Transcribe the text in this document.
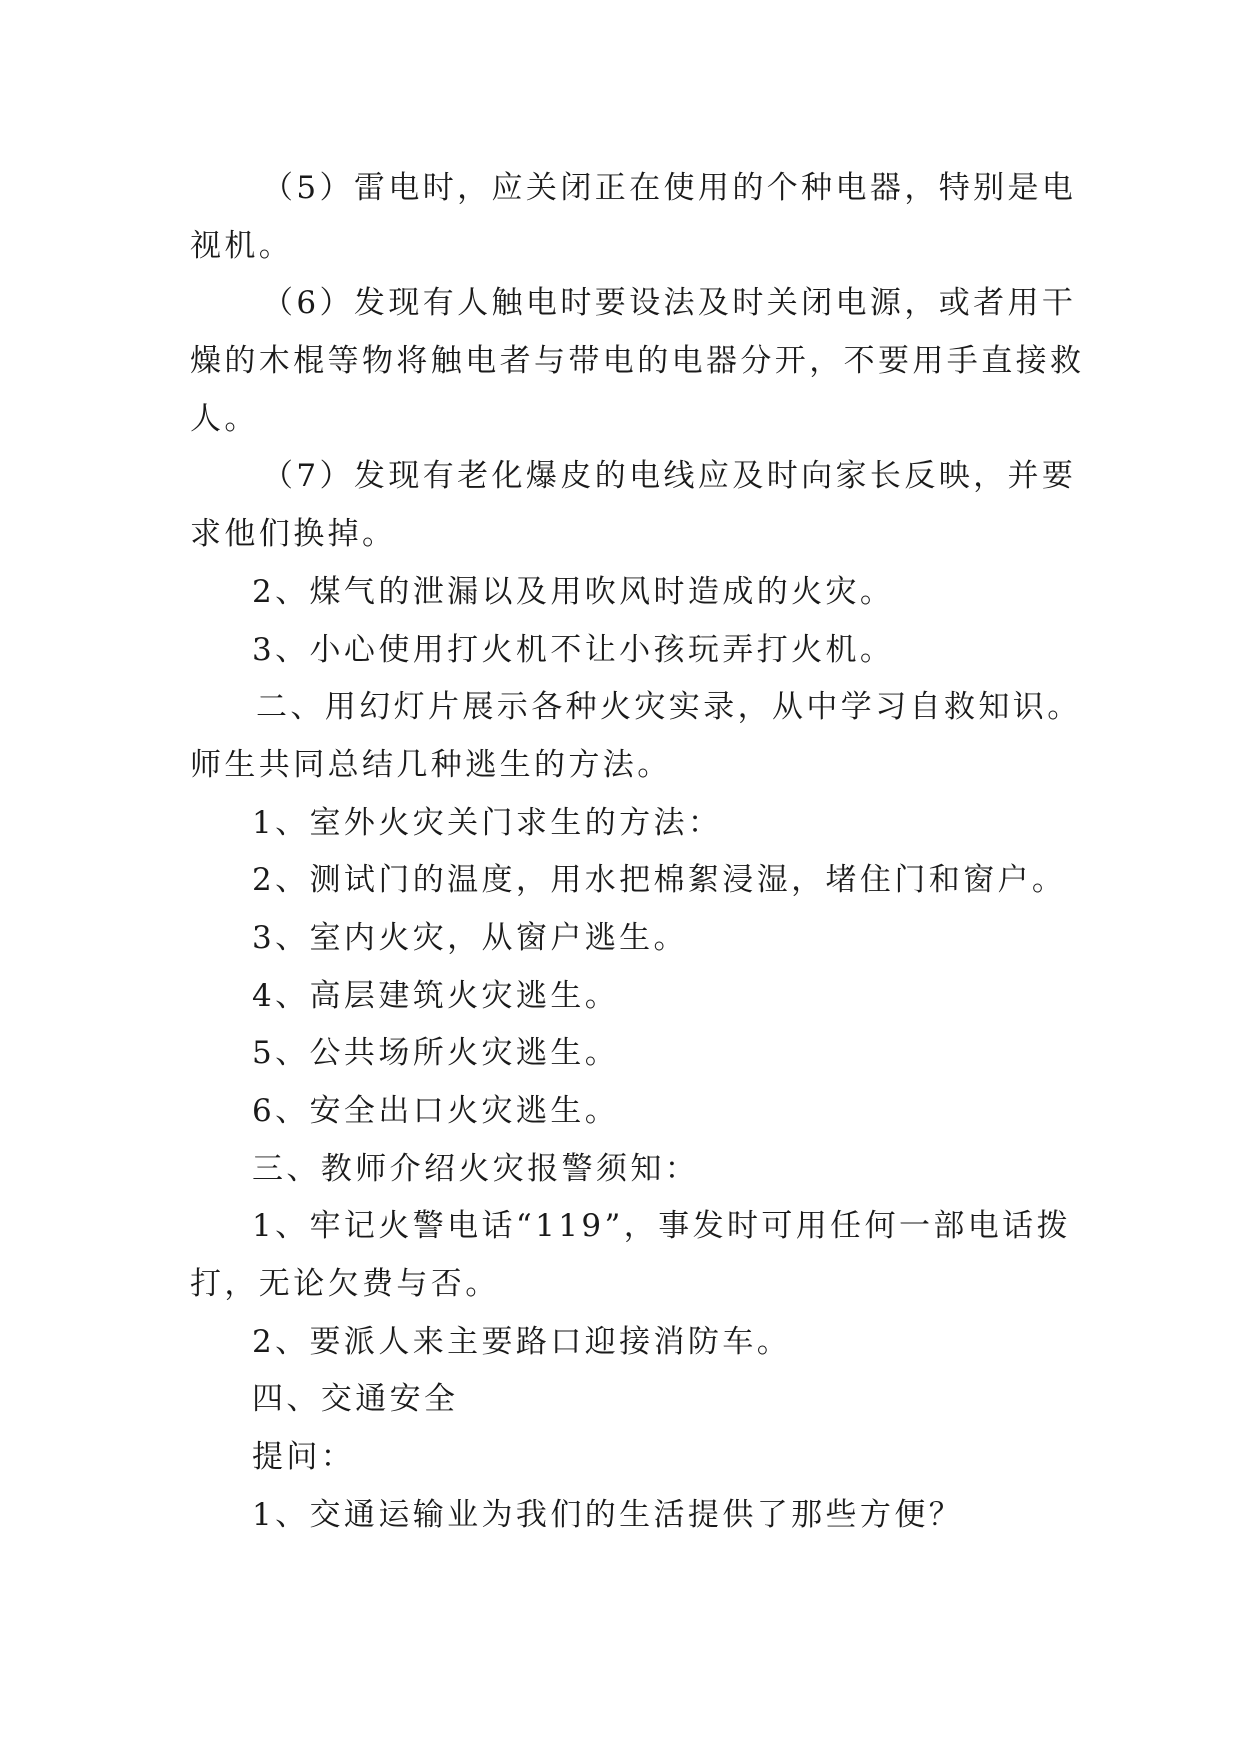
（5）雷电时，应关闭正在使用的个种电器，特别是电
视机。
（6）发现有人触电时要设法及时关闭电源，或者用干
燥的木棍等物将触电者与带电的电器分开，不要用手直接救
人。
（7）发现有老化爆皮的电线应及时向家长反映，并要
求他们换掉。
2、煤气的泄漏以及用吹风时造成的火灾。
3、小心使用打火机不让小孩玩弄打火机。
二、用幻灯片展示各种火灾实录，从中学习自救知识。
师生共同总结几种逃生的方法。
1、室外火灾关门求生的方法：
2、测试门的温度，用水把棉絮浸湿，堵住门和窗户。
3、室内火灾，从窗户逃生。
4、高层建筑火灾逃生。
5、公共场所火灾逃生。
6、安全出口火灾逃生。
三、教师介绍火灾报警须知：
1、牢记火警电话“119”，事发时可用任何一部电话拨
打，无论欠费与否。
2、要派人来主要路口迎接消防车。
四、交通安全
提问：
1、交通运输业为我们的生活提供了那些方便？
